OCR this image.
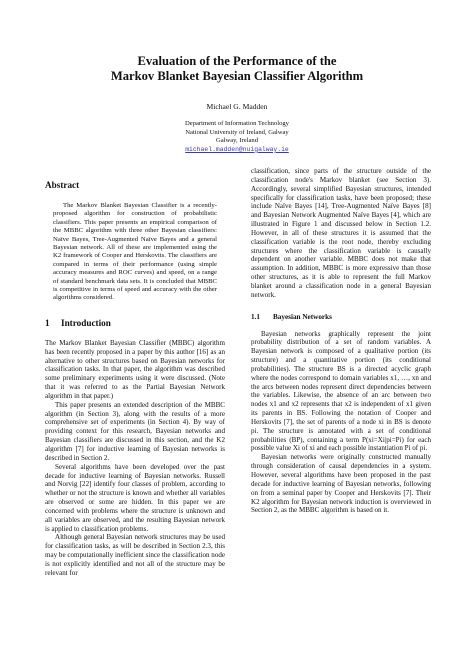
Evaluation of the Performance of the
Markov Blanket Bayesian Classifier Algorithm
Michael G. Madden
Department of Information Technology
National University of Ireland, Galway
Galway, Ireland
michael.madden@nuigalway.ie
Abstract
The Markov Blanket Bayesian Classifier is a recently-proposed algorithm for construction of probabilistic classifiers. This paper presents an empirical comparison of the MBBC algorithm with three other Bayesian classifiers: Naïve Bayes, Tree-Augmented Naïve Bayes and a general Bayesian network. All of these are implemented using the K2 framework of Cooper and Herskovits. The classifiers are compared in terms of their performance (using simple accuracy measures and ROC curves) and speed, on a range of standard benchmark data sets. It is concluded that MBBC is competitive in terms of speed and accuracy with the other algorithms considered.
1 Introduction
The Markov Blanket Bayesian Classifier (MBBC) algorithm has been recently proposed in a paper by this author [16] as an alternative to other structures based on Bayesian networks for classification tasks. In that paper, the algorithm was described some preliminary experiments using it were discussed. (Note that it was referred to as the Partial Bayesian Network algorithm in that paper.)
This paper presents an extended description of the MBBC algorithm (in Section 3), along with the results of a more comprehensive set of experiments (in Section 4). By way of providing context for this research, Bayesian networks and Bayesian classifiers are discussed in this section, and the K2 algorithm [7] for inductive learning of Bayesian networks is described in Section 2.
Several algorithms have been developed over the past decade for inductive learning of Bayesian networks. Russell and Norvig [22] identify four classes of problem, according to whether or not the structure is known and whether all variables are observed or some are hidden. In this paper we are concerned with problems where the structure is unknown and all variables are observed, and the resulting Bayesian network is applied to classification problems.
Although general Bayesian network structures may be used for classification tasks, as will be described in Section 2.3, this may be computationally inefficient since the classification node is not explicitly identified and not all of the structure may be relevant for
classification, since parts of the structure outside of the classification node's Markov blanket (see Section 3). Accordingly, several simplified Bayesian structures, intended specifically for classification tasks, have been proposed; these include Naïve Bayes [14], Tree-Augmented Naïve Bayes [8] and Bayesian Network Augmented Naïve Bayes [4], which are illustrated in Figure 1 and discussed below in Section 1.2. However, in all of these structures it is assumed that the classification variable is the root node, thereby excluding structures where the classification variable is causally dependent on another variable. MBBC does not make that assumption. In addition, MBBC is more expressive than those other structures, as it is able to represent the full Markov blanket around a classification node in a general Bayesian network.
1.1 Bayesian Networks
Bayesian networks graphically represent the joint probability distribution of a set of random variables. A Bayesian network is composed of a qualitative portion (its structure) and a quantitative portion (its conditional probabilities). The structure BS is a directed acyclic graph where the nodes correspond to domain variables x1, …, xn and the arcs between nodes represent direct dependencies between the variables. Likewise, the absence of an arc between two nodes x1 and x2 represents that x2 is independent of x1 given its parents in BS. Following the notation of Cooper and Herskovits [7], the set of parents of a node xi in BS is denote pi. The structure is annotated with a set of conditional probabilities (BP), containing a term P(xi=Xi|pi=Pi) for each possible value Xi of xi and each possible instantiation Pi of pi.
Bayesian networks were originally constructed manually through consideration of causal dependencies in a system. However, several algorithms have been proposed in the past decade for inductive learning of Bayesian networks, following on from a seminal paper by Cooper and Herskovits [7]. Their K2 algorithm for Bayesian network induction is overviewed in Section 2, as the MBBC algorithm is based on it.
